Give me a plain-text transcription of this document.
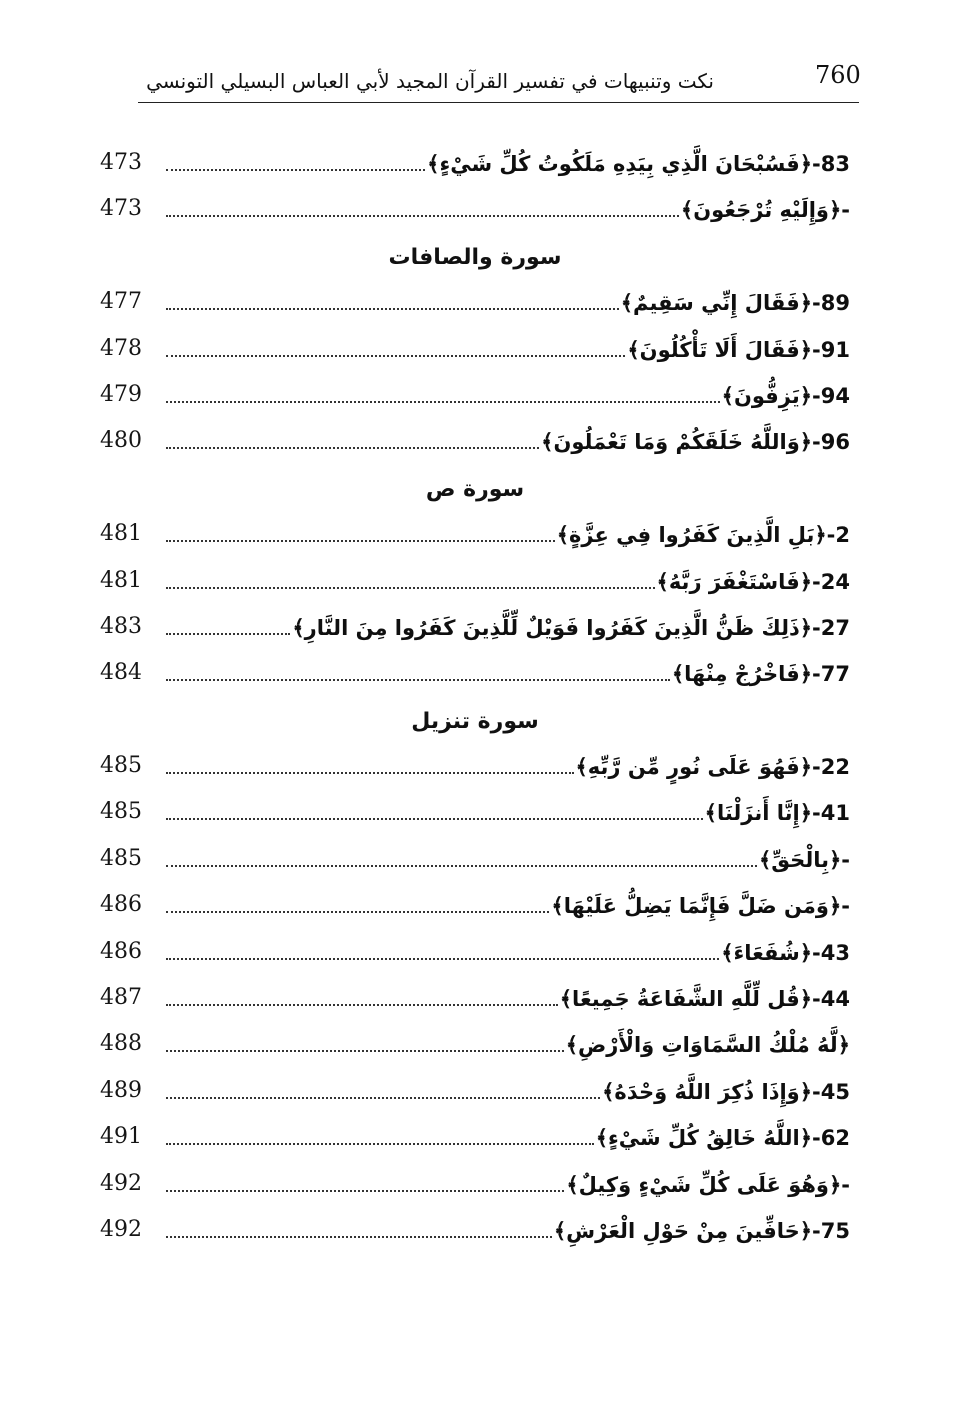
760
نكت وتنبيهات في تفسير القرآن المجيد لأبي العباس البسيلي التونسي
473	83-﴿فَسُبْحَانَ الَّذِي بِيَدِهِ مَلَكُوتُ كُلِّ شَيْءٍ﴾
473	-﴿وَإِلَيْهِ تُرْجَعُونَ﴾
سورة والصافات
477	89-﴿فَقَالَ إِنِّي سَقِيمٌ﴾
478	91-﴿فَقَالَ أَلَا تَأْكُلُونَ﴾
479	94-﴿يَزِفُّونَ﴾
480	96-﴿وَاللَّهُ خَلَقَكُمْ وَمَا تَعْمَلُونَ﴾
سورة ص
481	2-﴿بَلِ الَّذِينَ كَفَرُوا فِي عِزَّةٍ﴾
481	24-﴿فَاسْتَغْفَرَ رَبَّهُ﴾
483	27-﴿ذَلِكَ ظَنُّ الَّذِينَ كَفَرُوا فَوَيْلٌ لِّلَّذِينَ كَفَرُوا مِنَ النَّارِ﴾
484	77-﴿فَاخْرُجْ مِنْهَا﴾
سورة تنزيل
485	22-﴿فَهُوَ عَلَى نُورٍ مِّن رَّبِّهِ﴾
485	41-﴿إِنَّا أَنزَلْنَا﴾
485	-﴿بِالْحَقِّ﴾
486	-﴿وَمَن ضَلَّ فَإِنَّمَا يَضِلُّ عَلَيْهَا﴾
486	43-﴿شُفَعَاءَ﴾
487	44-﴿قُل لِّلَّهِ الشَّفَاعَةُ جَمِيعًا﴾
488	﴿لَّهُ مُلْكُ السَّمَاوَاتِ وَالْأَرْضِ﴾
489	45-﴿وَإِذَا ذُكِرَ اللَّهُ وَحْدَهُ﴾
491	62-﴿اللَّهُ خَالِقُ كُلِّ شَيْءٍ﴾
492	-﴿وَهُوَ عَلَى كُلِّ شَيْءٍ وَكِيلٌ﴾
492	75-﴿حَافِّينَ مِنْ حَوْلِ الْعَرْشِ﴾
